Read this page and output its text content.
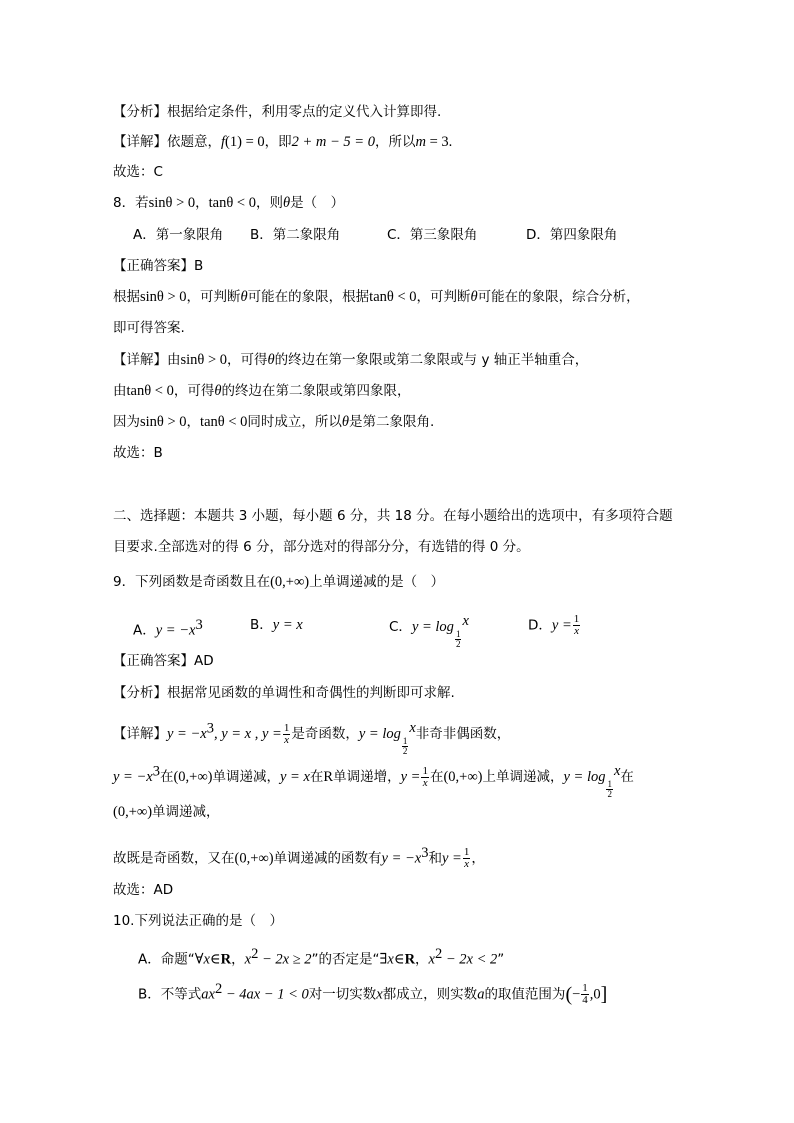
【分析】根据给定条件，利用零点的定义代入计算即得.
【详解】依题意，f(1) = 0，即2 + m − 5 = 0，所以m = 3.
故选：C
8．若sinθ > 0，tanθ < 0，则θ是（　）
A．第一象限角 B．第二象限角	C．第三象限角	D．第四象限角
【正确答案】B
根据sinθ > 0，可判断θ可能在的象限，根据tanθ < 0，可判断θ可能在的象限，综合分析，
即可得答案.
【详解】由sinθ > 0，可得θ的终边在第一象限或第二象限或与 y 轴正半轴重合，
由tanθ < 0，可得θ的终边在第二象限或第四象限，
因为sinθ > 0，tanθ < 0同时成立，所以θ是第二象限角.
故选：B
二、选择题：本题共 3 小题，每小题 6 分，共 18 分。在每小题给出的选项中，有多项符合题
目要求.全部选对的得 6 分，部分选对的得部分分，有选错的得 0 分。
9．下列函数是奇函数且在(0,+∞)上单调递减的是（　）
A．$y = -x^3$	B．y = x	C．y = log
$\frac{1}{2}$
x	D．$y = \frac{1}{x}$
【正确答案】AD
【分析】根据常见函数的单调性和奇偶性的判断即可求解.
【详解】$y = -x^3$, y = x , $y = \frac{1}{x}$ 是奇函数，y = log
$\frac{1}{2}$
x非奇非偶函数，
$y = -x^3$在(0,+∞)单调递减，y = x在R单调递增，$y = \frac{1}{x}$ 在(0,+∞)上单调递减，y = log
$\frac{1}{2}$
x在
(0,+∞)单调递减，
故既是奇函数，又在(0,+∞)单调递减的函数有$y = -x^3$和$y = \frac{1}{x}$ ，
故选：AD
10.下列说法正确的是（　）
A．命题“∀x∈R，$x^2 - 2x \ge 2$”的否定是“∃x∈R，$x^2 - 2x < 2$”
B．不等式$ax^2 - 4ax - 1 < 0$对一切实数x都成立，则实数a的取值范围为(− $\frac{1}{4} ,0$]
